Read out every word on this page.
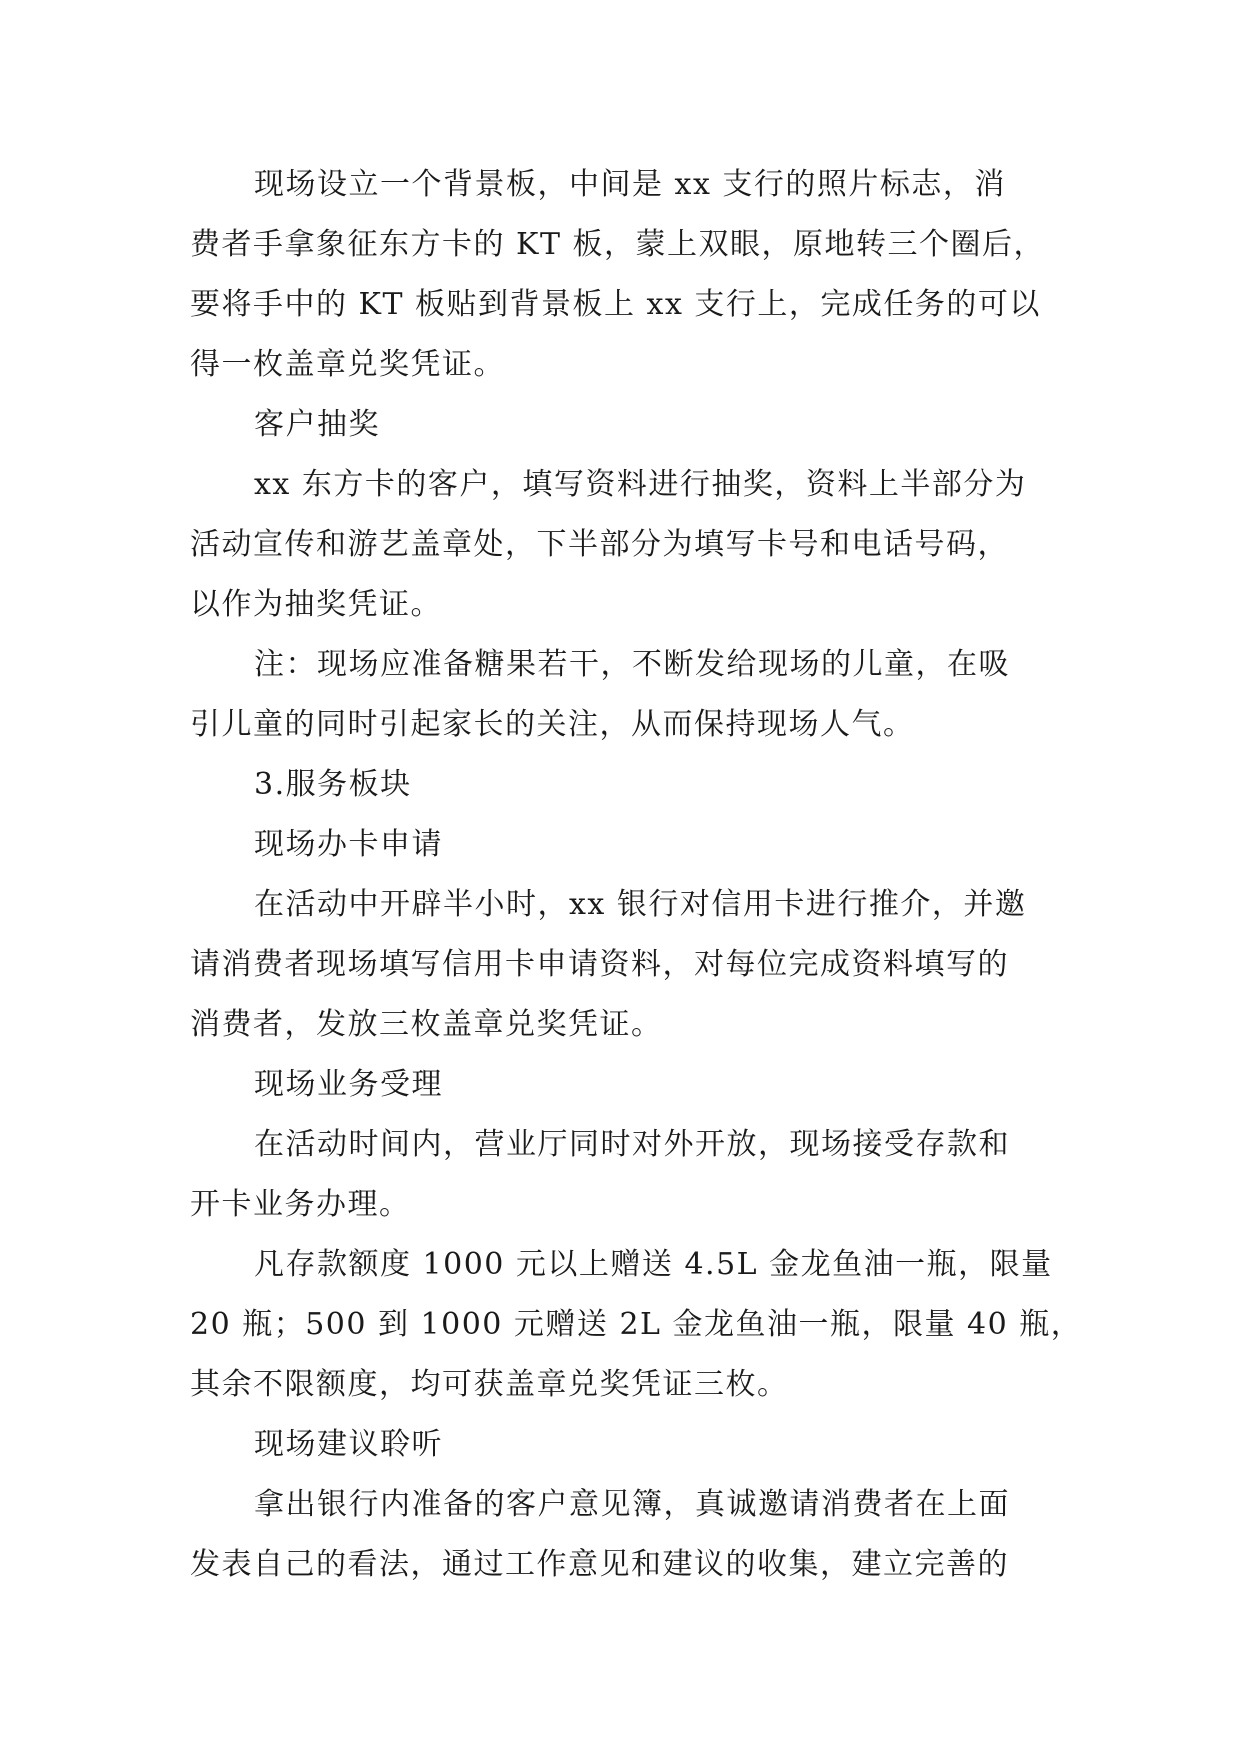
现场设立一个背景板，中间是 xx 支行的照片标志，消
费者手拿象征东方卡的 KT 板，蒙上双眼，原地转三个圈后，
要将手中的 KT 板贴到背景板上 xx 支行上，完成任务的可以
得一枚盖章兑奖凭证。
客户抽奖
xx 东方卡的客户，填写资料进行抽奖，资料上半部分为
活动宣传和游艺盖章处，下半部分为填写卡号和电话号码，
以作为抽奖凭证。
注：现场应准备糖果若干，不断发给现场的儿童，在吸
引儿童的同时引起家长的关注，从而保持现场人气。
3.服务板块
现场办卡申请
在活动中开辟半小时，xx 银行对信用卡进行推介，并邀
请消费者现场填写信用卡申请资料，对每位完成资料填写的
消费者，发放三枚盖章兑奖凭证。
现场业务受理
在活动时间内，营业厅同时对外开放，现场接受存款和
开卡业务办理。
凡存款额度 1000 元以上赠送 4.5L 金龙鱼油一瓶，限量
20 瓶；500 到 1000 元赠送 2L 金龙鱼油一瓶，限量 40 瓶，
其余不限额度，均可获盖章兑奖凭证三枚。
现场建议聆听
拿出银行内准备的客户意见簿，真诚邀请消费者在上面
发表自己的看法，通过工作意见和建议的收集，建立完善的
